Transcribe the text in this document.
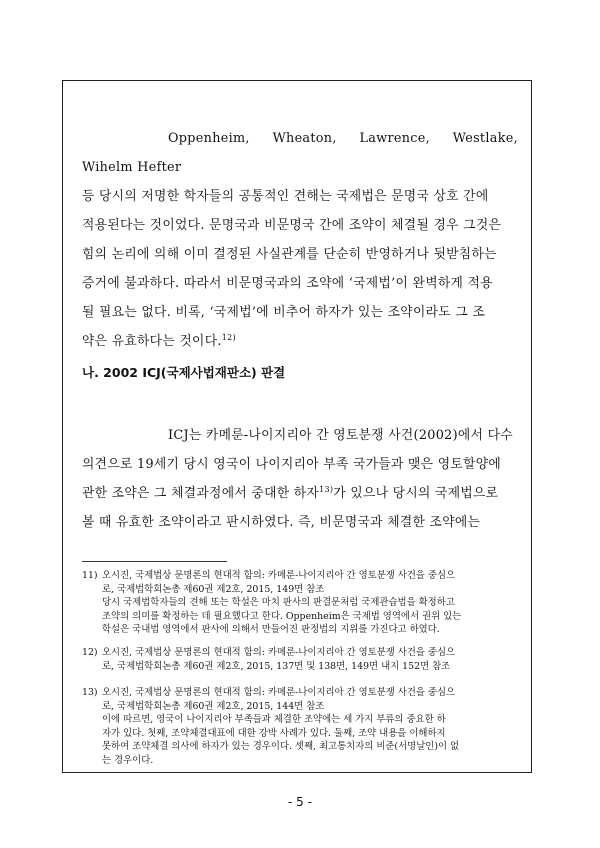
Oppenheim, Wheaton, Lawrence, Westlake, Wihelm Hefter

등 당시의 저명한 학자들의 공통적인 견해는 국제법은 문명국 상호 간에

적용된다는 것이었다. 문명국과 비문명국 간에 조약이 체결될 경우 그것은

힘의 논리에 의해 이미 결정된 사실관계를 단순히 반영하거나 뒷받침하는

증거에 불과하다. 따라서 비문명국과의 조약에 ‘국제법’이 완벽하게 적용

될 필요는 없다. 비록, ‘국제법’에 비추어 하자가 있는 조약이라도 그 조

약은 유효하다는 것이다.$^{12)}$

나. 2002 ICJ(국제사법재판소) 판결

ICJ는 카메룬-나이지리아 간 영토분쟁 사건(2002)에서 다수

의견으로 19세기 당시 영국이 나이지리아 부족 국가들과 맺은 영토할양에

관한 조약은 그 체결과정에서 중대한 하자$^{13)}$가 있으나 당시의 국제법으로

볼 때 유효한 조약이라고 판시하였다. 즉, 비문명국과 체결한 조약에는

11) 오시진, 국제법상 문명론의 현대적 함의: 카메룬-나이지리아 간 영토분쟁 사건을 중심으
로, 국제법학회논총 제60권 제2호, 2015, 149면 참조
당시 국제법학자들의 견해 또는 학설은 마치 판사의 판결문처럼 국제관습법을 확정하고
조약의 의미를 확정하는 데 필요했다고 한다. Oppenheim은 국제법 영역에서 권위 있는
학설은 국내법 영역에서 판사에 의해서 만들어진 판정법의 지위를 가진다고 하였다.
12) 오시진, 국제법상 문명론의 현대적 함의: 카메룬-나이지리아 간 영토분쟁 사건을 중심으
로, 국제법학회논총 제60권 제2호, 2015, 137면 및 138면, 149면 내지 152면 참조
13) 오시진, 국제법상 문명론의 현대적 함의: 카메룬-나이지리아 간 영토분쟁 사건을 중심으
로, 국제법학회논총 제60권 제2호, 2015, 144면 참조
이에 따르면, 영국이 나이지리아 부족들과 체결한 조약에는 세 가지 부류의 중요한 하
자가 있다. 첫째, 조약체결대표에 대한 강박 사례가 있다. 둘째, 조약 내용을 이해하지
못하여 조약체결 의사에 하자가 있는 경우이다. 셋째, 최고통치자의 비준(서명날인)이 없
는 경우이다.
- 5 -
